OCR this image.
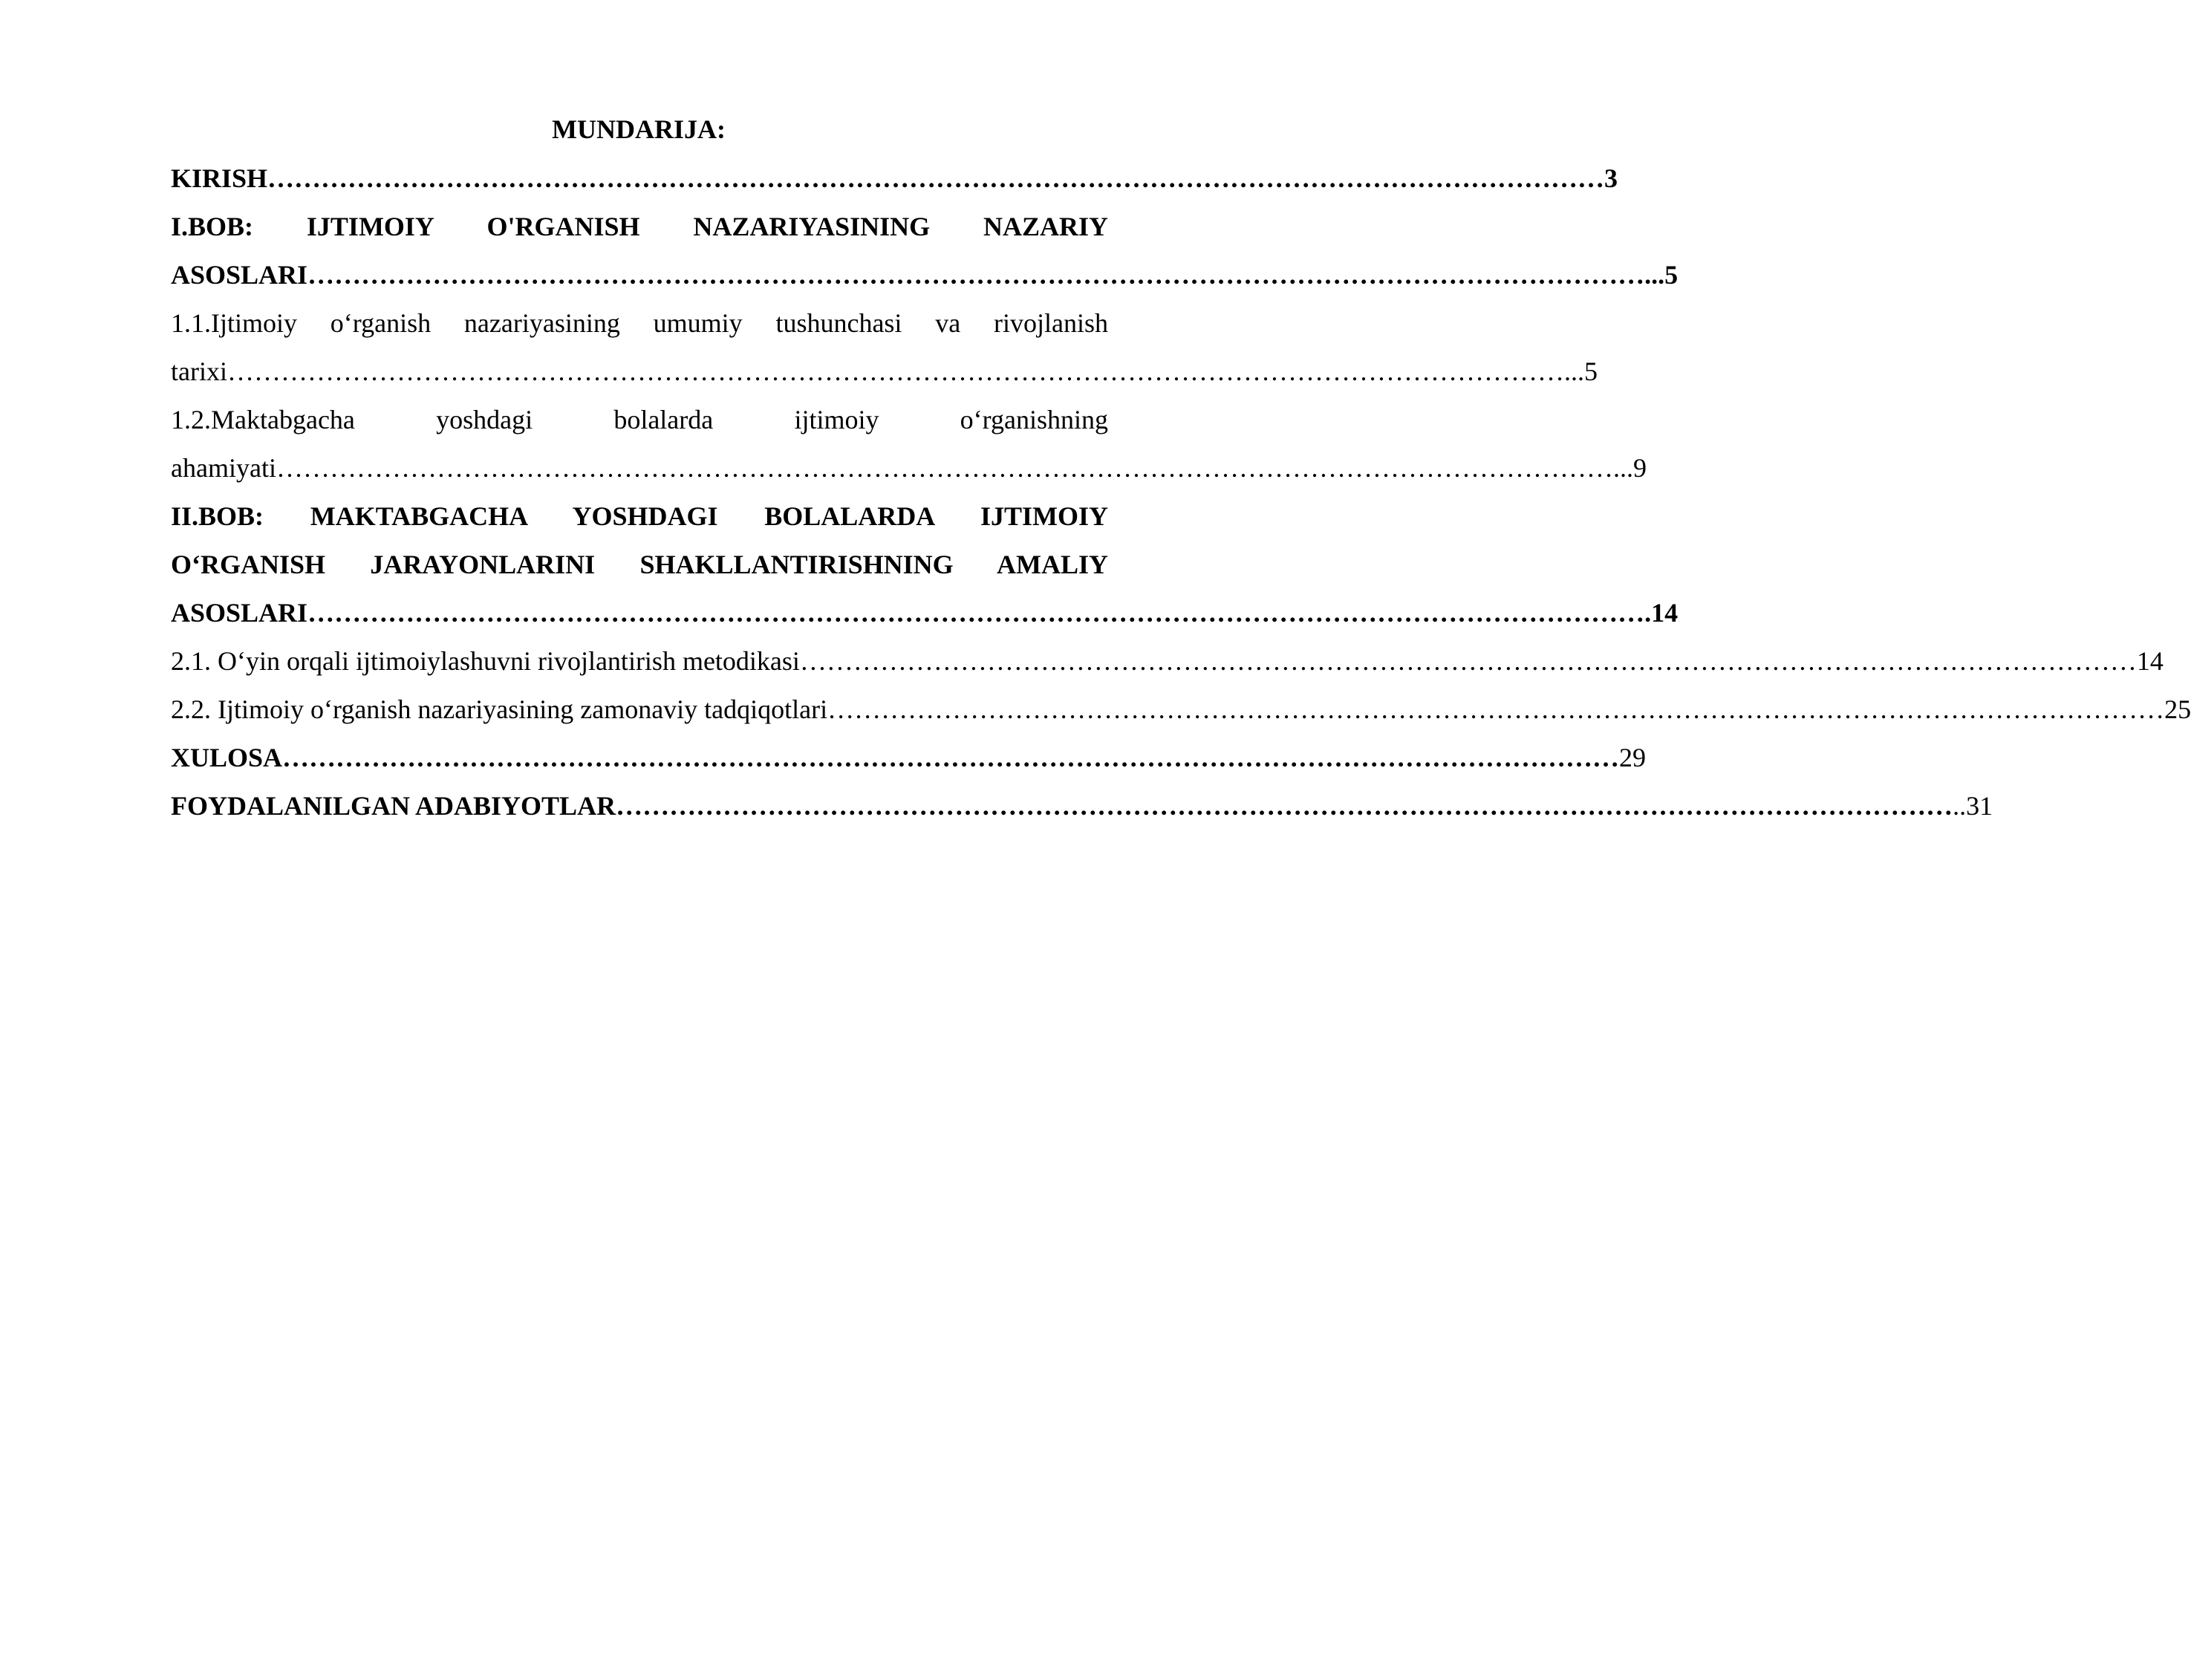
MUNDARIJA:
KIRISH …………………………………………………………………………………………………………………………………… 3
I.BOB: IJTIMOIY O'RGANISH NAZARIYASINING NAZARIY
ASOSLARI …………………………………………………………………………………………………………………………………… ...5
1.1.Ijtimoiy o‘rganish nazariyasining umumiy tushunchasi va rivojlanish
tarixi …………………………………………………………………………………………………………………………………… ...5
1.2.Maktabgacha	yoshdagi	bolalarda	ijtimoiy	o‘rganishning
ahamiyati …………………………………………………………………………………………………………………………………… ...9
II.BOB: MAKTABGACHA YOSHDAGI BOLALARDA IJTIMOIY
O‘RGANISH JARAYONLARINI SHAKLLANTIRISHNING AMALIY
ASOSLARI …………………………………………………………………………………………………………………………………… .14
2.1. O‘yin orqali ijtimoiylashuvni rivojlantirish metodikasi …………………………………………………………………………………………………………………………………… 14
2.2. Ijtimoiy o‘rganish nazariyasining zamonaviy tadqiqotlari …………………………………………………………………………………………………………………………………… 25
XULOSA …………………………………………………………………………………………………………………………………… 29
FOYDALANILGAN ADABIYOTLAR …………………………………………………………………………………………………………………………………… ..31
